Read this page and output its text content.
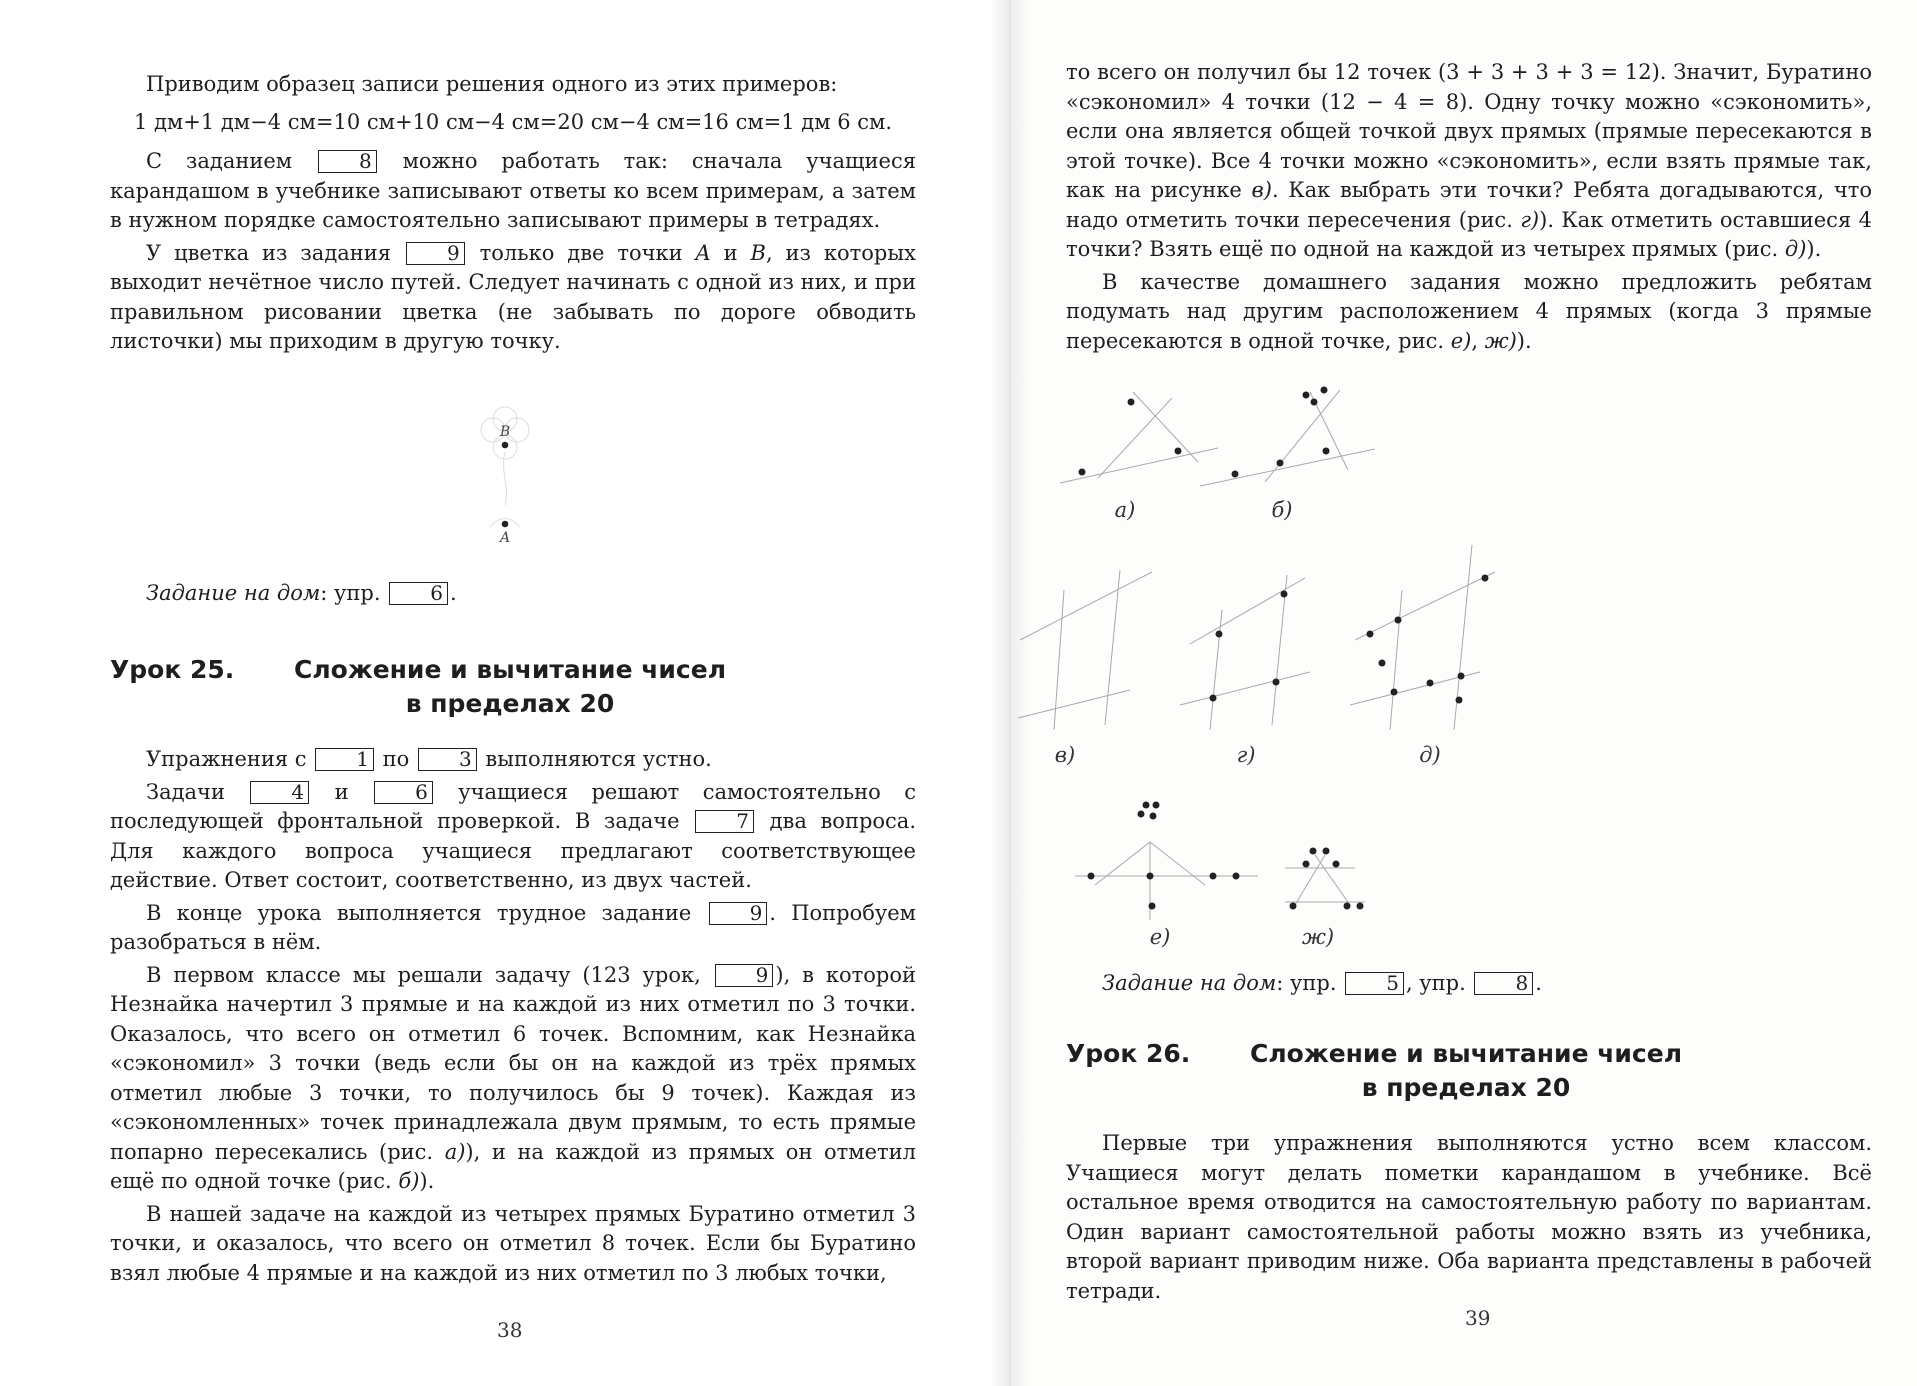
Приводим образец записи решения одного из этих примеров:

1 дм+1 дм−4 см=10 см+10 см−4 см=20 см−4 см=16 см=1 дм 6 см.

С заданием	8 можно работать так: сначала учащиеся карандашом в учебнике записывают ответы ко всем примерам, а затем в нужном порядке самостоятельно записывают примеры в тетрадях.

У цветка из задания	9 только две точки A и B, из которых выходит нечётное число путей. Следует начинать с одной из них, и при правильном рисовании цветка (не забывать по дороге обводить листочки) мы приходим в другую точку.

B
A

Задание на дом: упр. 6 .

Урок 25.	Сложение и вычитание чисел
в пределах 20

Упражнения с 1 по 3 выполняются устно.

Задачи	4 и	6 учащиеся решают самостоятельно с последующей фронтальной проверкой. В задаче	7 два вопроса. Для каждого вопроса учащиеся предлагают соответствующее действие. Ответ состоит, соответственно, из двух частей.

В конце урока выполняется трудное задание	9 . Попробуем разобраться в нём.

В первом классе мы решали задачу (123 урок,	9 ), в которой Незнайка начертил 3 прямые и на каждой из них отметил по 3 точки. Оказалось, что всего он отметил 6 точек. Вспомним, как Незнайка «сэкономил» 3 точки (ведь если бы он на каждой из трёх прямых отметил любые 3 точки, то получилось бы 9 точек). Каждая из «сэкономленных» точек принадлежала двум прямым, то есть прямые попарно пересекались (рис. а)), и на каждой из прямых он отметил ещё по одной точке (рис. б)).

В нашей задаче на каждой из четырех прямых Буратино отметил 3 точки, и оказалось, что всего он отметил 8 точек. Если бы Буратино взял любые 4 прямые и на каждой из них отметил по 3 любых точки,

38

то всего он получил бы 12 точек (3 + 3 + 3 + 3 = 12). Значит, Буратино «сэкономил» 4 точки (12 − 4 = 8). Одну точку можно «сэкономить», если она является общей точкой двух прямых (прямые пересекаются в этой точке). Все 4 точки можно «сэкономить», если взять прямые так, как на рисунке в). Как выбрать эти точки? Ребята догадываются, что надо отметить точки пересечения (рис. г)). Как отметить оставшиеся 4 точки? Взять ещё по одной на каждой из четырех прямых (рис. д)).

В качестве домашнего задания можно предложить ребятам подумать над другим расположением 4 прямых (когда 3 прямые пересекаются в одной точке, рис. е), ж)).

а)	б)
в)	г)	д)
е)	ж)

Задание на дом: упр. 5 , упр. 8 .

Урок 26.	Сложение и вычитание чисел
в пределах 20

Первые три упражнения выполняются устно всем классом. Учащиеся могут делать пометки карандашом в учебнике. Всё остальное время отводится на самостоятельную работу по вариантам. Один вариант самостоятельной работы можно взять из учебника, второй вариант приводим ниже. Оба варианта представлены в рабочей тетради.

39
